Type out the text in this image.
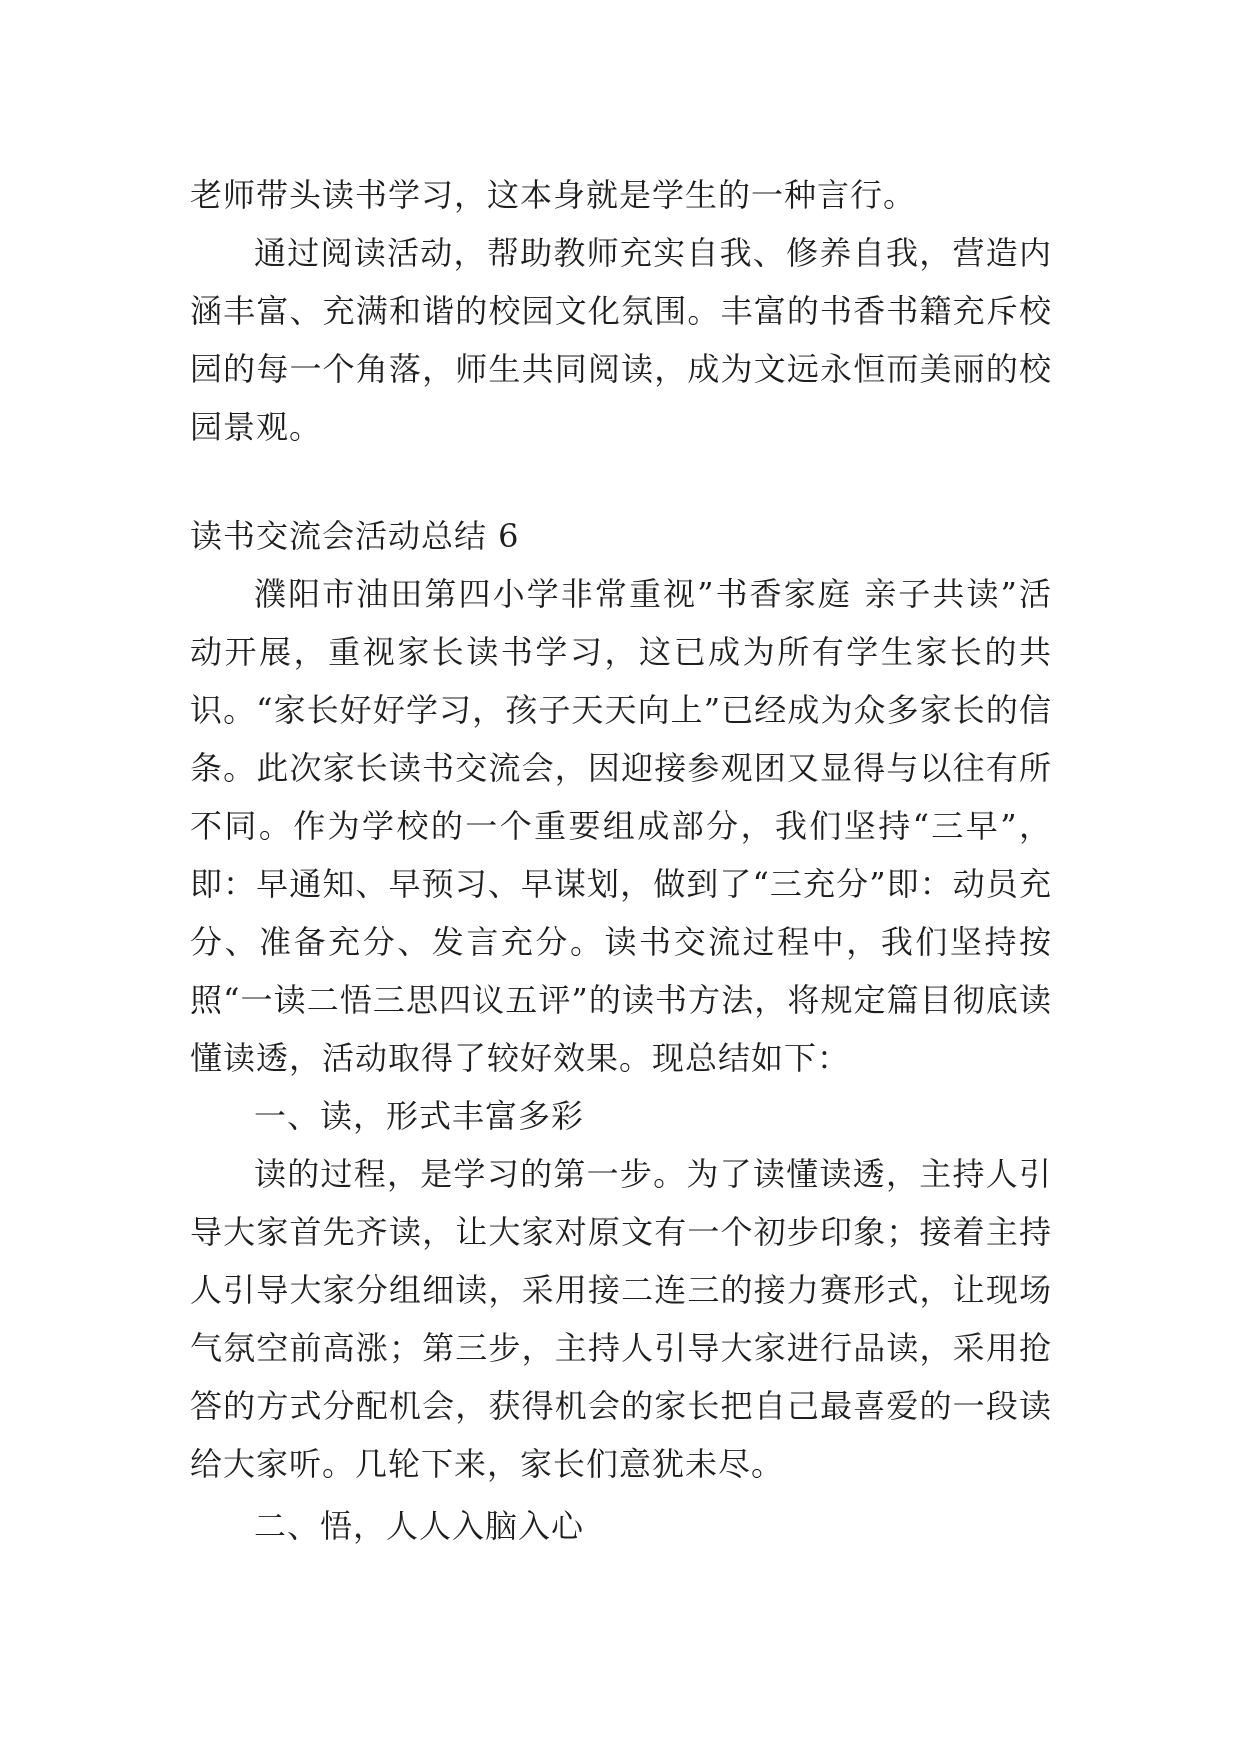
老师带头读书学习，这本身就是学生的一种言行。

通过阅读活动，帮助教师充实自我、修养自我，营造内涵丰富、充满和谐的校园文化氛围。丰富的书香书籍充斥校园的每一个角落，师生共同阅读，成为文远永恒而美丽的校园景观。

读书交流会活动总结 6

濮阳市油田第四小学非常重视”书香家庭 亲子共读”活动开展，重视家长读书学习，这已成为所有学生家长的共识。“家长好好学习，孩子天天向上”已经成为众多家长的信条。此次家长读书交流会，因迎接参观团又显得与以往有所不同。作为学校的一个重要组成部分，我们坚持“三早”，即：早通知、早预习、早谋划，做到了“三充分”即：动员充分、准备充分、发言充分。读书交流过程中，我们坚持按照“一读二悟三思四议五评”的读书方法，将规定篇目彻底读懂读透，活动取得了较好效果。现总结如下：

一、读，形式丰富多彩

读的过程，是学习的第一步。为了读懂读透，主持人引导大家首先齐读，让大家对原文有一个初步印象；接着主持人引导大家分组细读，采用接二连三的接力赛形式，让现场气氛空前高涨；第三步，主持人引导大家进行品读，采用抢答的方式分配机会，获得机会的家长把自己最喜爱的一段读给大家听。几轮下来，家长们意犹未尽。

二、悟，人人入脑入心
